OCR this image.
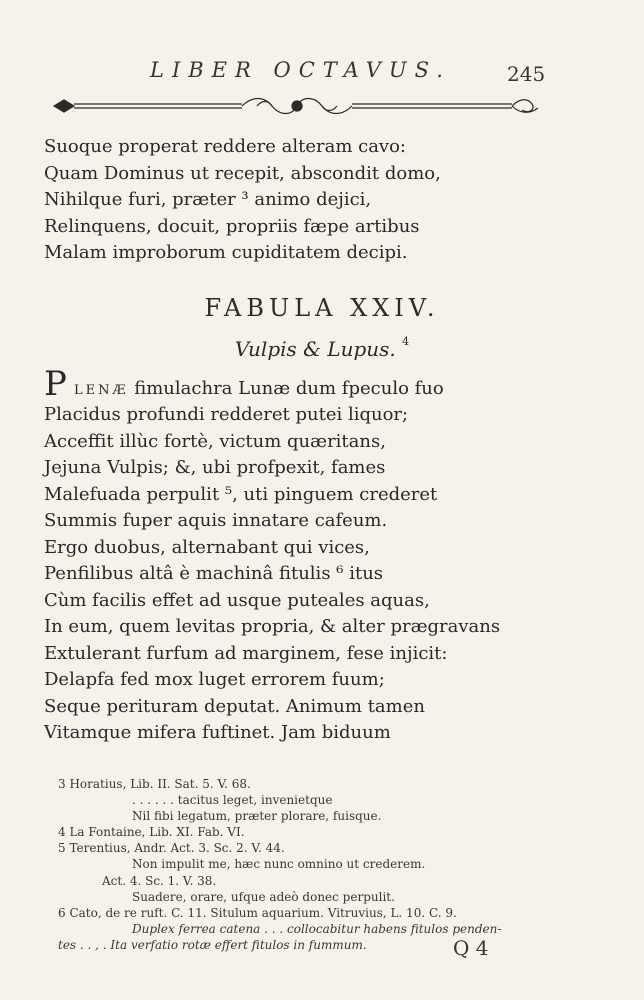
LIBER OCTAVUS.	245
Suoque properat reddere alteram cavo:
Quam Dominus ut recepit, abscondit domo,
Nihilque furi, præter ³ animo dejici,
Relinquens, docuit, propriis fæpe artibus
Malam improborum cupiditatem decipi.
FABULA XXIV.
Vulpis & Lupus. $^4$
P LENÆ fimulachra Lunæ dum fpeculo fuo
Placidus profundi redderet putei liquor;
Acceffit illùc fortè, victum quæritans,
Jejuna Vulpis; &, ubi profpexit, fames
Malefuada perpulit ⁵, uti pinguem crederet
Summis fuper aquis innatare cafeum.
Ergo duobus, alternabant qui vices,
Penfilibus altâ è machinâ fitulis ⁶ itus
Cùm facilis effet ad usque puteales aquas,
In eum, quem levitas propria, & alter prægravans
Extulerant furfum ad marginem, fese injicit:
Delapfa fed mox luget errorem fuum;
Seque perituram deputat. Animum tamen
Vitamque mifera fuftinet. Jam biduum
3 Horatius, Lib. II. Sat. 5. V. 68.
. . . . . . tacitus leget, invenietque
Nil fibi legatum, præter plorare, fuisque.
4 La Fontaine, Lib. XI. Fab. VI.
5 Terentius, Andr. Act. 3. Sc. 2. V. 44.
Non impulit me, hæc nunc omnino ut crederem.
Act. 4. Sc. 1. V. 38.
Suadere, orare, ufque adeò donec perpulit.
6 Cato, de re ruft. C. 11. Situlum aquarium. Vitruvius, L. 10. C. 9.
Duplex ferrea catena . . . collocabitur habens fitulos penden-
tes . . , . Ita verfatio rotæ effert fitulos in fummum.	Q 4
